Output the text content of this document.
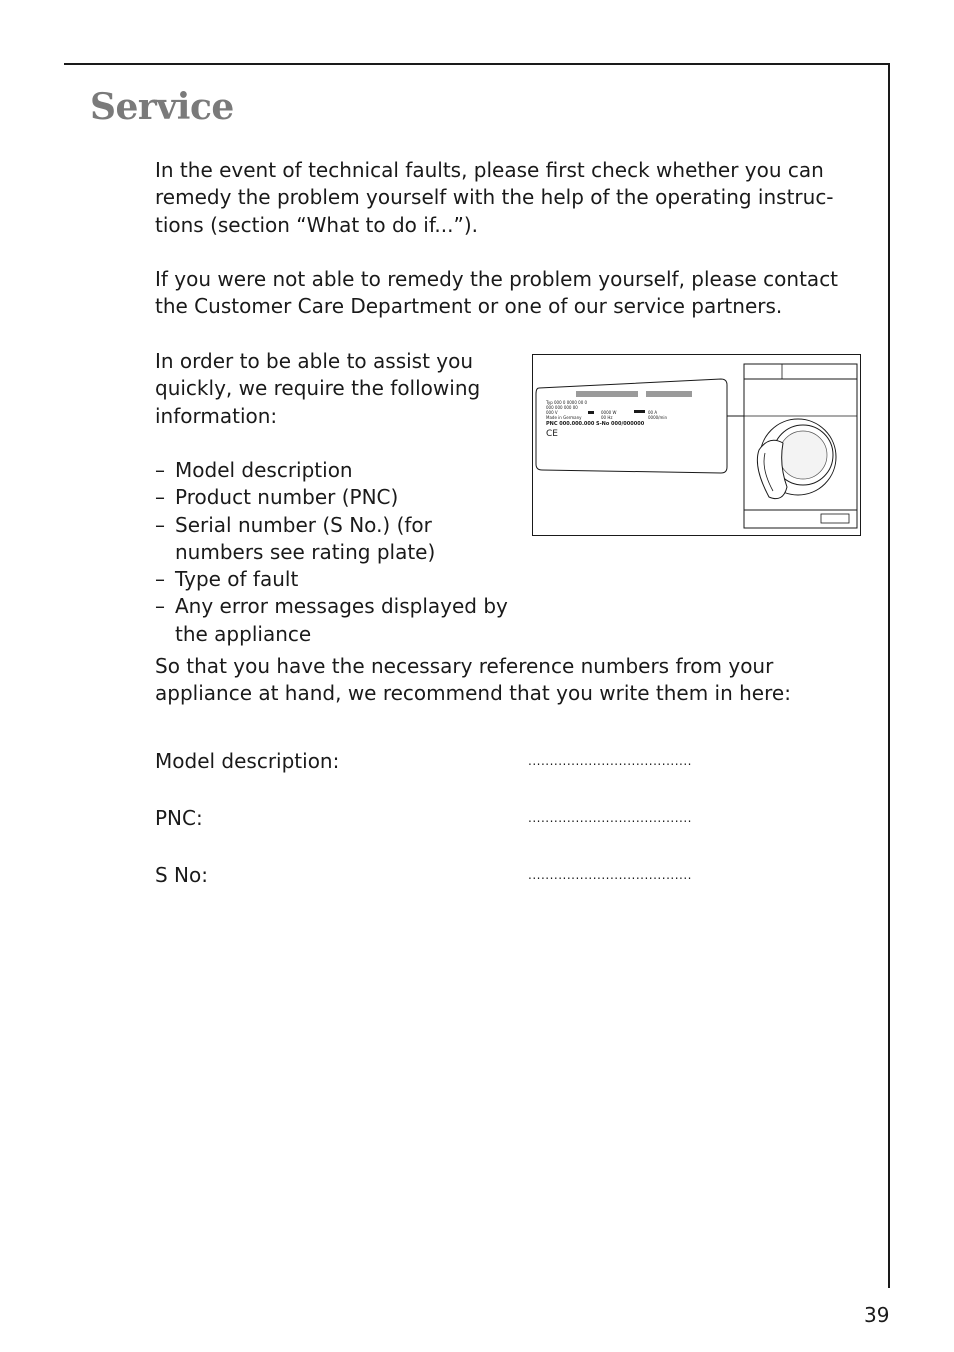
Service

In the event of technical faults, please first check whether you can remedy the problem yourself with the help of the operating instruc-tions (section “What to do if...”).

If you were not able to remedy the problem yourself, please contact the Customer Care Department or one of our service partners.

In order to be able to assist you quickly, we require the following information:

– Model description
– Product number (PNC)
– Serial number (S No.) (for numbers see rating plate)
– Type of fault
– Any error messages displayed by the appliance
Typ 000 0 0000 00 0
000 000 000 00
000 V	0000 W	00 A
Made in Germany	00 Hz	0000/min
PNC 000.000.000 S-No 000/000000
CE

So that you have the necessary reference numbers from your appliance at hand, we recommend that you write them in here:

Model description:	......................................
PNC:	......................................
S No:	......................................
39
